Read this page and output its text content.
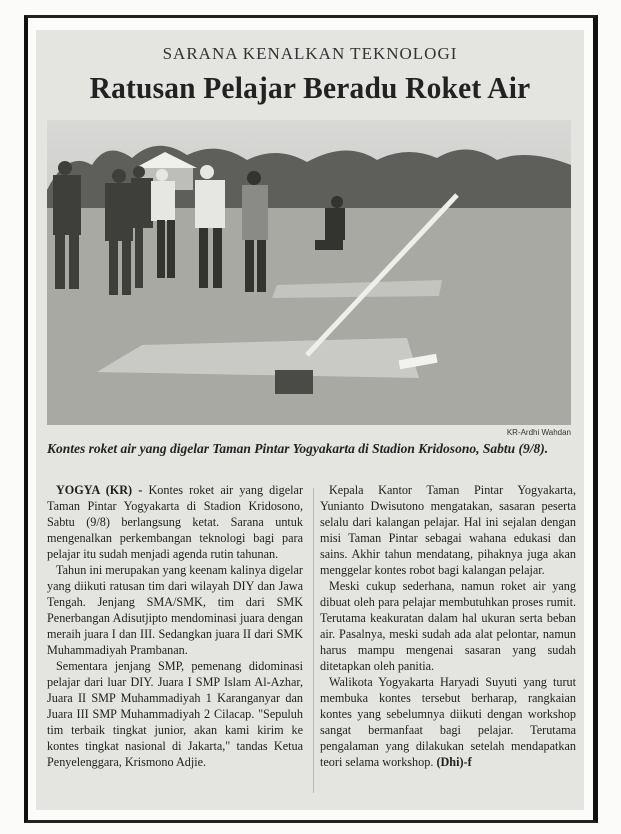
SARANA KENALKAN TEKNOLOGI
Ratusan Pelajar Beradu Roket Air
KR-Ardhi Wahdan

Kontes roket air yang digelar Taman Pintar Yogyakarta di Stadion Kridosono, Sabtu (9/8).

YOGYA (KR) - Kontes roket air yang digelar Taman Pintar Yogyakarta di Stadion Kridosono, Sabtu (9/8) berlangsung ketat. Sarana untuk mengenalkan perkembangan teknologi bagi para pelajar itu sudah menjadi agenda rutin tahunan.

Tahun ini merupakan yang keenam kalinya digelar yang diikuti ratusan tim dari wilayah DIY dan Jawa Tengah. Jenjang SMA/SMK, tim dari SMK Penerbangan Adisutjipto mendominasi juara dengan meraih juara I dan III. Sedangkan juara II dari SMK Muhammadiyah Prambanan.

Sementara jenjang SMP, pemenang didominasi pelajar dari luar DIY. Juara I SMP Islam Al-Azhar, Juara II SMP Muhammadiyah 1 Karanganyar dan Juara III SMP Muhammadiyah 2 Cilacap. "Sepuluh tim terbaik tingkat junior, akan kami kirim ke kontes tingkat nasional di Jakarta," tandas Ketua Penyelenggara, Krismono Adjie.

Kepala Kantor Taman Pintar Yogyakarta, Yunianto Dwisutono mengatakan, sasaran peserta selalu dari kalangan pelajar. Hal ini sejalan dengan misi Taman Pintar sebagai wahana edukasi dan sains. Akhir tahun mendatang, pihaknya juga akan menggelar kontes robot bagi kalangan pelajar.

Meski cukup sederhana, namun roket air yang dibuat oleh para pelajar membutuhkan proses rumit. Terutama keakuratan dalam hal ukuran serta beban air. Pasalnya, meski sudah ada alat pelontar, namun harus mampu mengenai sasaran yang sudah ditetapkan oleh panitia.

Walikota Yogyakarta Haryadi Suyuti yang turut membuka kontes tersebut berharap, rangkaian kontes yang sebelumnya diikuti dengan workshop sangat bermanfaat bagi pelajar. Terutama pengalaman yang dilakukan setelah mendapatkan teori selama workshop. (Dhi)-f
